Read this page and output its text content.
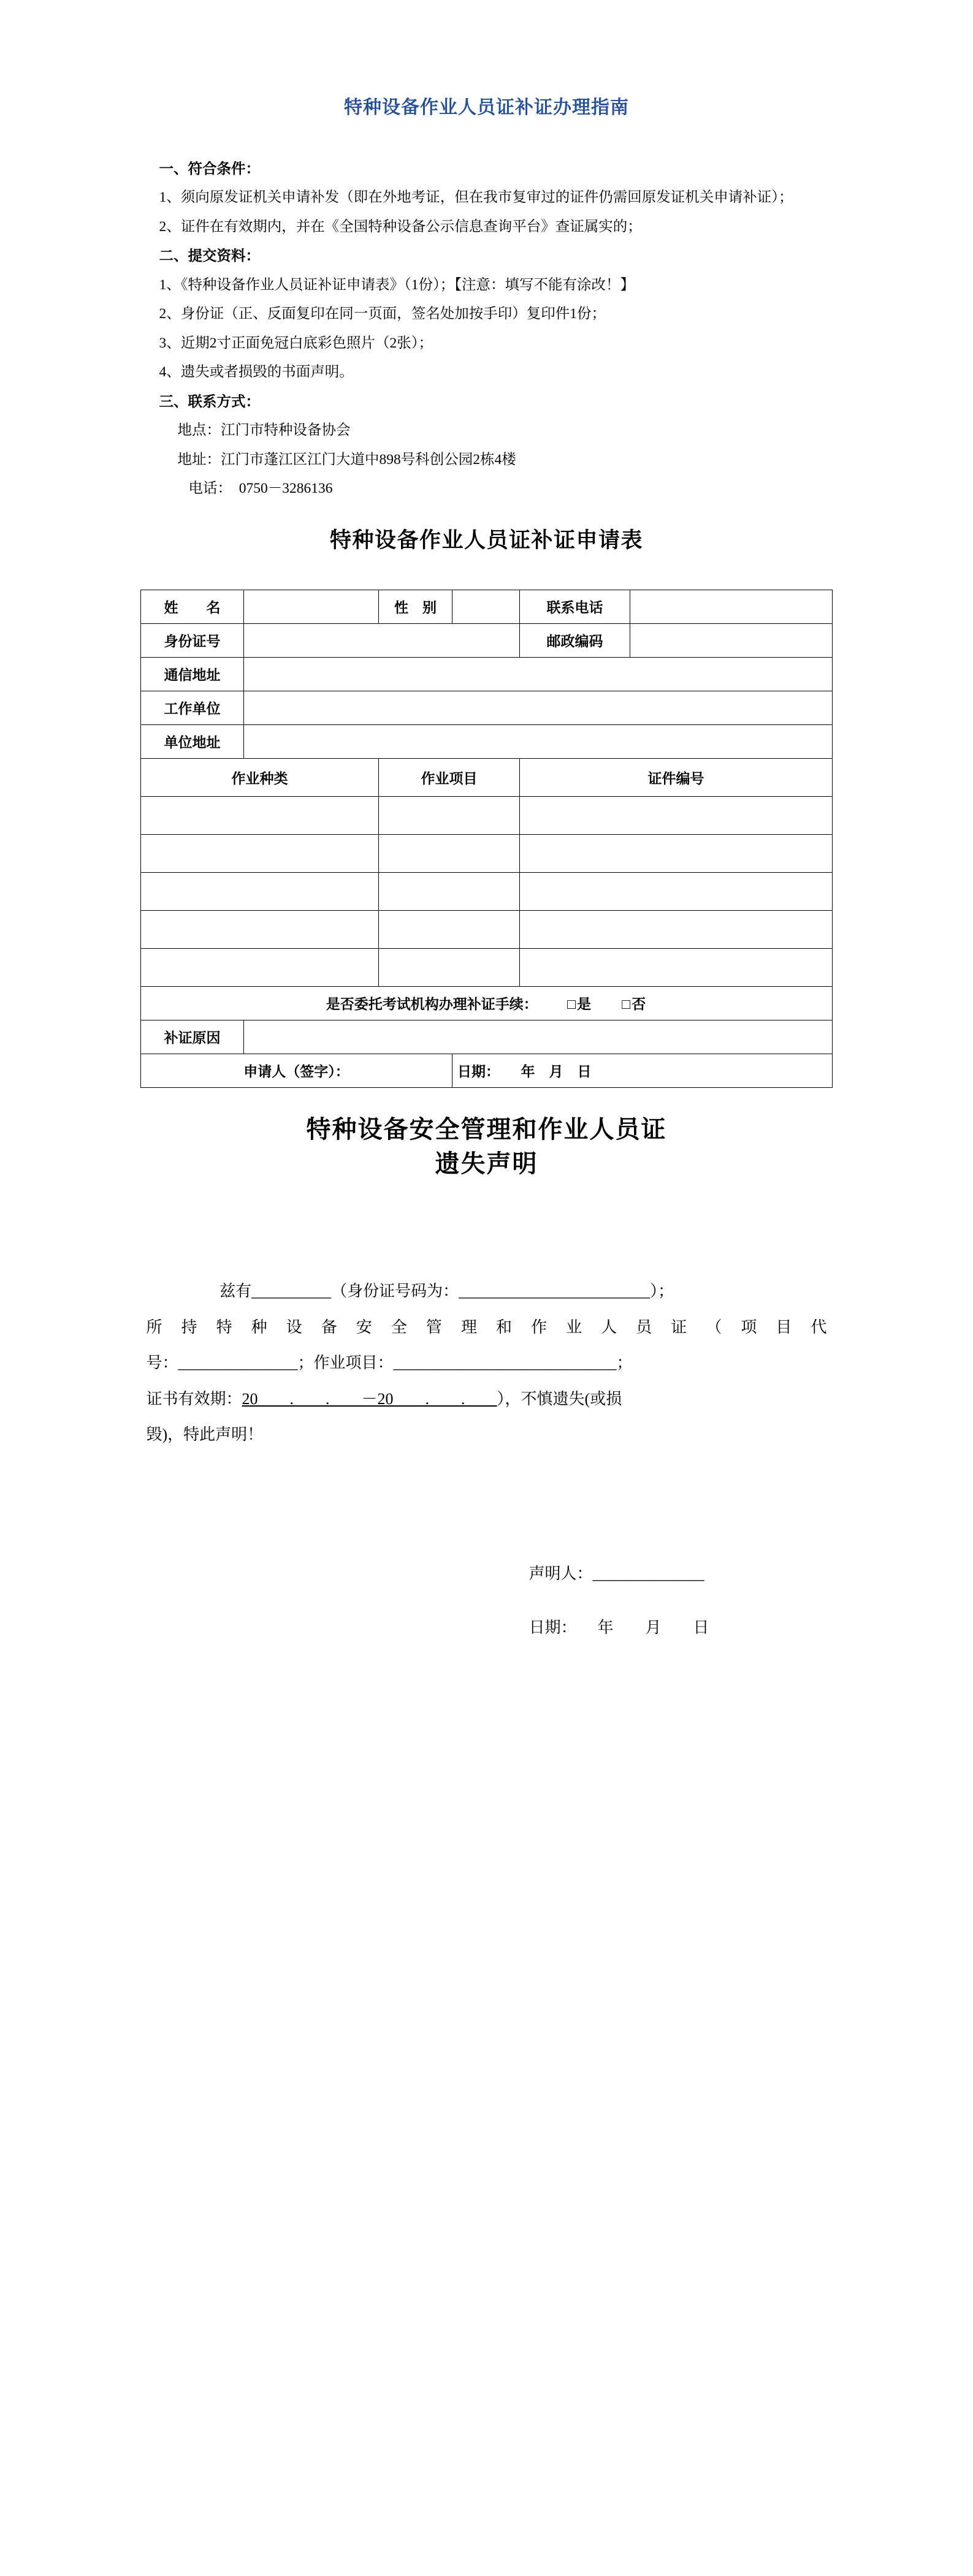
特种设备作业人员证补证办理指南

一、符合条件：

1、须向原发证机关申请补发（即在外地考证，但在我市复审过的证件仍需回原发证机关申请补证）；

2、证件在有效期内，并在《全国特种设备公示信息查询平台》查证属实的；

二、提交资料：

1、《特种设备作业人员证补证申请表》（1份）；【注意：填写不能有涂改！】

2、身份证（正、反面复印在同一页面，签名处加按手印）复印件1份；

3、近期2寸正面免冠白底彩色照片（2张）；

4、遗失或者损毁的书面声明。

三、联系方式：

地点：江门市特种设备协会

地址：江门市蓬江区江门大道中898号科创公园2栋4楼

电话：　0750－3286136

特种设备作业人员证补证申请表
姓　　名		性　别		联系电话	
身份证号				邮政编码	
通信地址					
工作单位					
单位地址					
作业种类		作业项目		证件编号	

是否委托考试机构办理补证手续： □是 □否					
补证原因					
申请人（签字）：			日期：　　年　月　日		
特种设备安全管理和作业人员证
遗失声明

兹有__________（身份证号码为：________________________）；

所持特种设备安全管理和作业人员证（项目代

号：_______________；作业项目：____________________________；

证书有效期：20____.____.____－20____.____.____），不慎遗失(或损

毁)，特此声明！

声明人：______________

日期： 年　　月　　日
